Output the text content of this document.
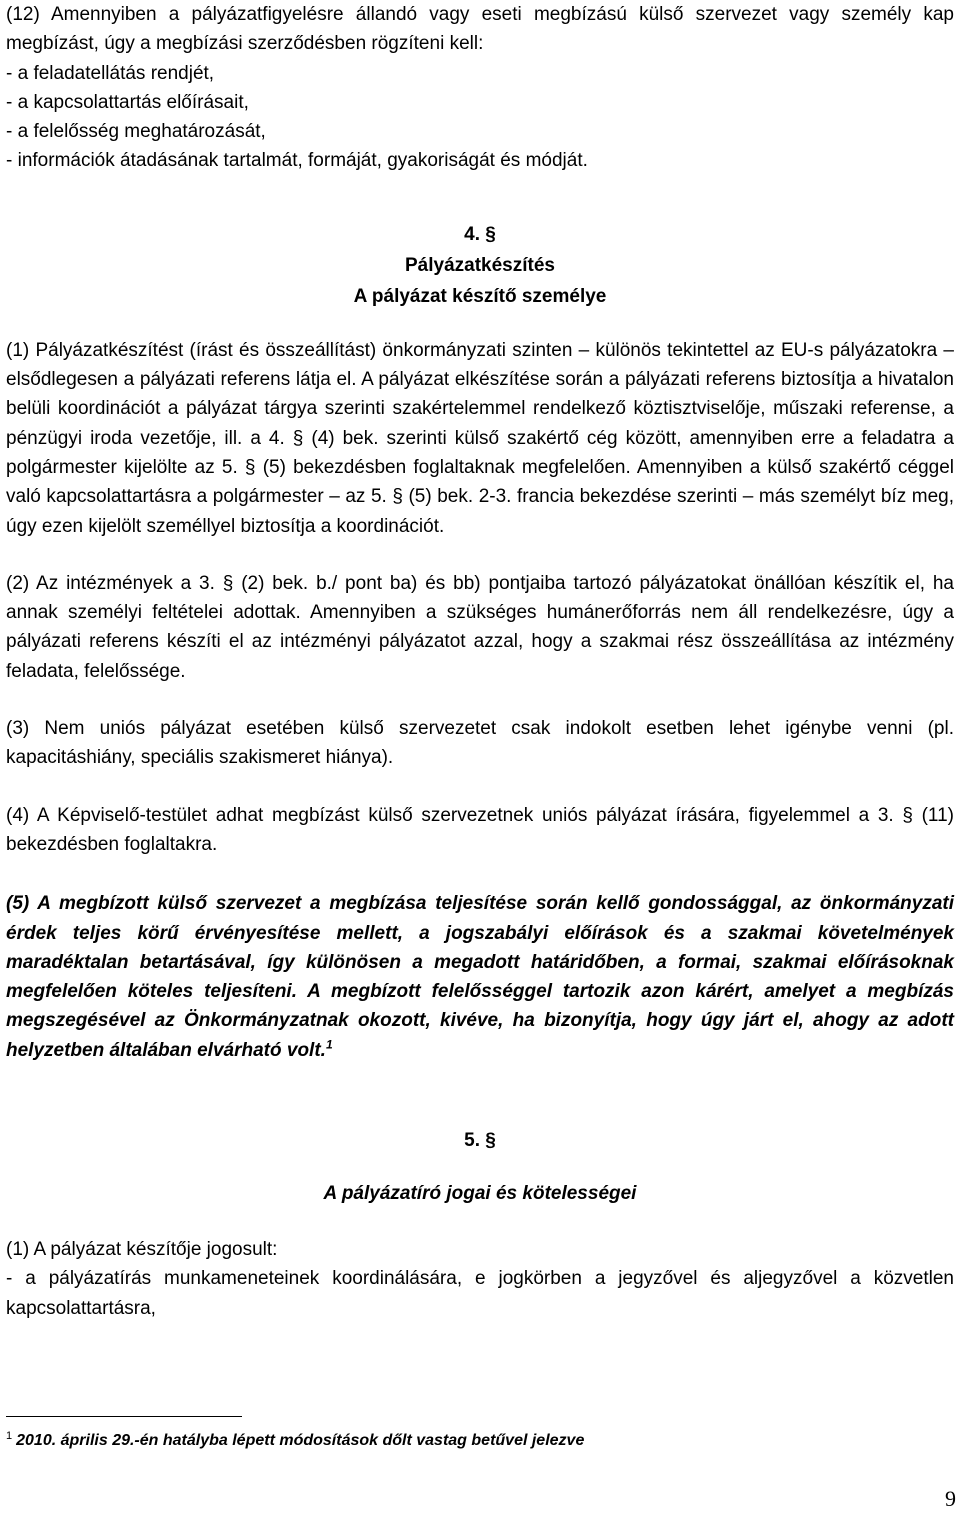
(12) Amennyiben a pályázatfigyelésre állandó vagy eseti megbízású külső szervezet vagy személy kap megbízást, úgy a megbízási szerződésben rögzíteni kell:

- a feladatellátás rendjét,

- a kapcsolattartás előírásait,

- a felelősség meghatározását,

- információk átadásának tartalmát, formáját, gyakoriságát és módját.

4. §

Pályázatkészítés

A pályázat készítő személye

(1) Pályázatkészítést (írást és összeállítást) önkormányzati szinten – különös tekintettel az EU-s pályázatokra – elsődlegesen a pályázati referens látja el. A pályázat elkészítése során a pályázati referens biztosítja a hivatalon belüli koordinációt a pályázat tárgya szerinti szakértelemmel rendelkező köztisztviselője, műszaki referense, a pénzügyi iroda vezetője, ill. a 4. § (4) bek. szerinti külső szakértő cég között, amennyiben erre a feladatra a polgármester kijelölte az 5. § (5) bekezdésben foglaltaknak megfelelően. Amennyiben a külső szakértő céggel való kapcsolattartásra a polgármester – az 5. § (5) bek. 2-3. francia bekezdése szerinti – más személyt bíz meg, úgy ezen kijelölt személlyel biztosítja a koordinációt.

(2) Az intézmények a 3. § (2) bek. b./ pont ba) és bb) pontjaiba tartozó pályázatokat önállóan készítik el, ha annak személyi feltételei adottak. Amennyiben a szükséges humánerőforrás nem áll rendelkezésre, úgy a pályázati referens készíti el az intézményi pályázatot azzal, hogy a szakmai rész összeállítása az intézmény feladata, felelőssége.

(3) Nem uniós pályázat esetében külső szervezetet csak indokolt esetben lehet igénybe venni (pl. kapacitáshiány, speciális szakismeret hiánya).

(4) A Képviselő-testület adhat megbízást külső szervezetnek uniós pályázat írására, figyelemmel a 3. § (11) bekezdésben foglaltakra.

(5) A megbízott külső szervezet a megbízása teljesítése során kellő gondossággal, az önkormányzati érdek teljes körű érvényesítése mellett, a jogszabályi előírások és a szakmai követelmények maradéktalan betartásával, így különösen a megadott határidőben, a formai, szakmai előírásoknak megfelelően köteles teljesíteni. A megbízott felelősséggel tartozik azon kárért, amelyet a megbízás megszegésével az Önkormányzatnak okozott, kivéve, ha bizonyítja, hogy úgy járt el, ahogy az adott helyzetben általában elvárható volt.$^1$

5. §

A pályázatíró jogai és kötelességei

(1) A pályázat készítője jogosult:

- a pályázatírás munkameneteinek koordinálására, e jogkörben a jegyzővel és aljegyzővel a közvetlen kapcsolattartásra,

$^1$ 2010. április 29.-én hatályba lépett módosítások dőlt vastag betűvel jelezve
9
